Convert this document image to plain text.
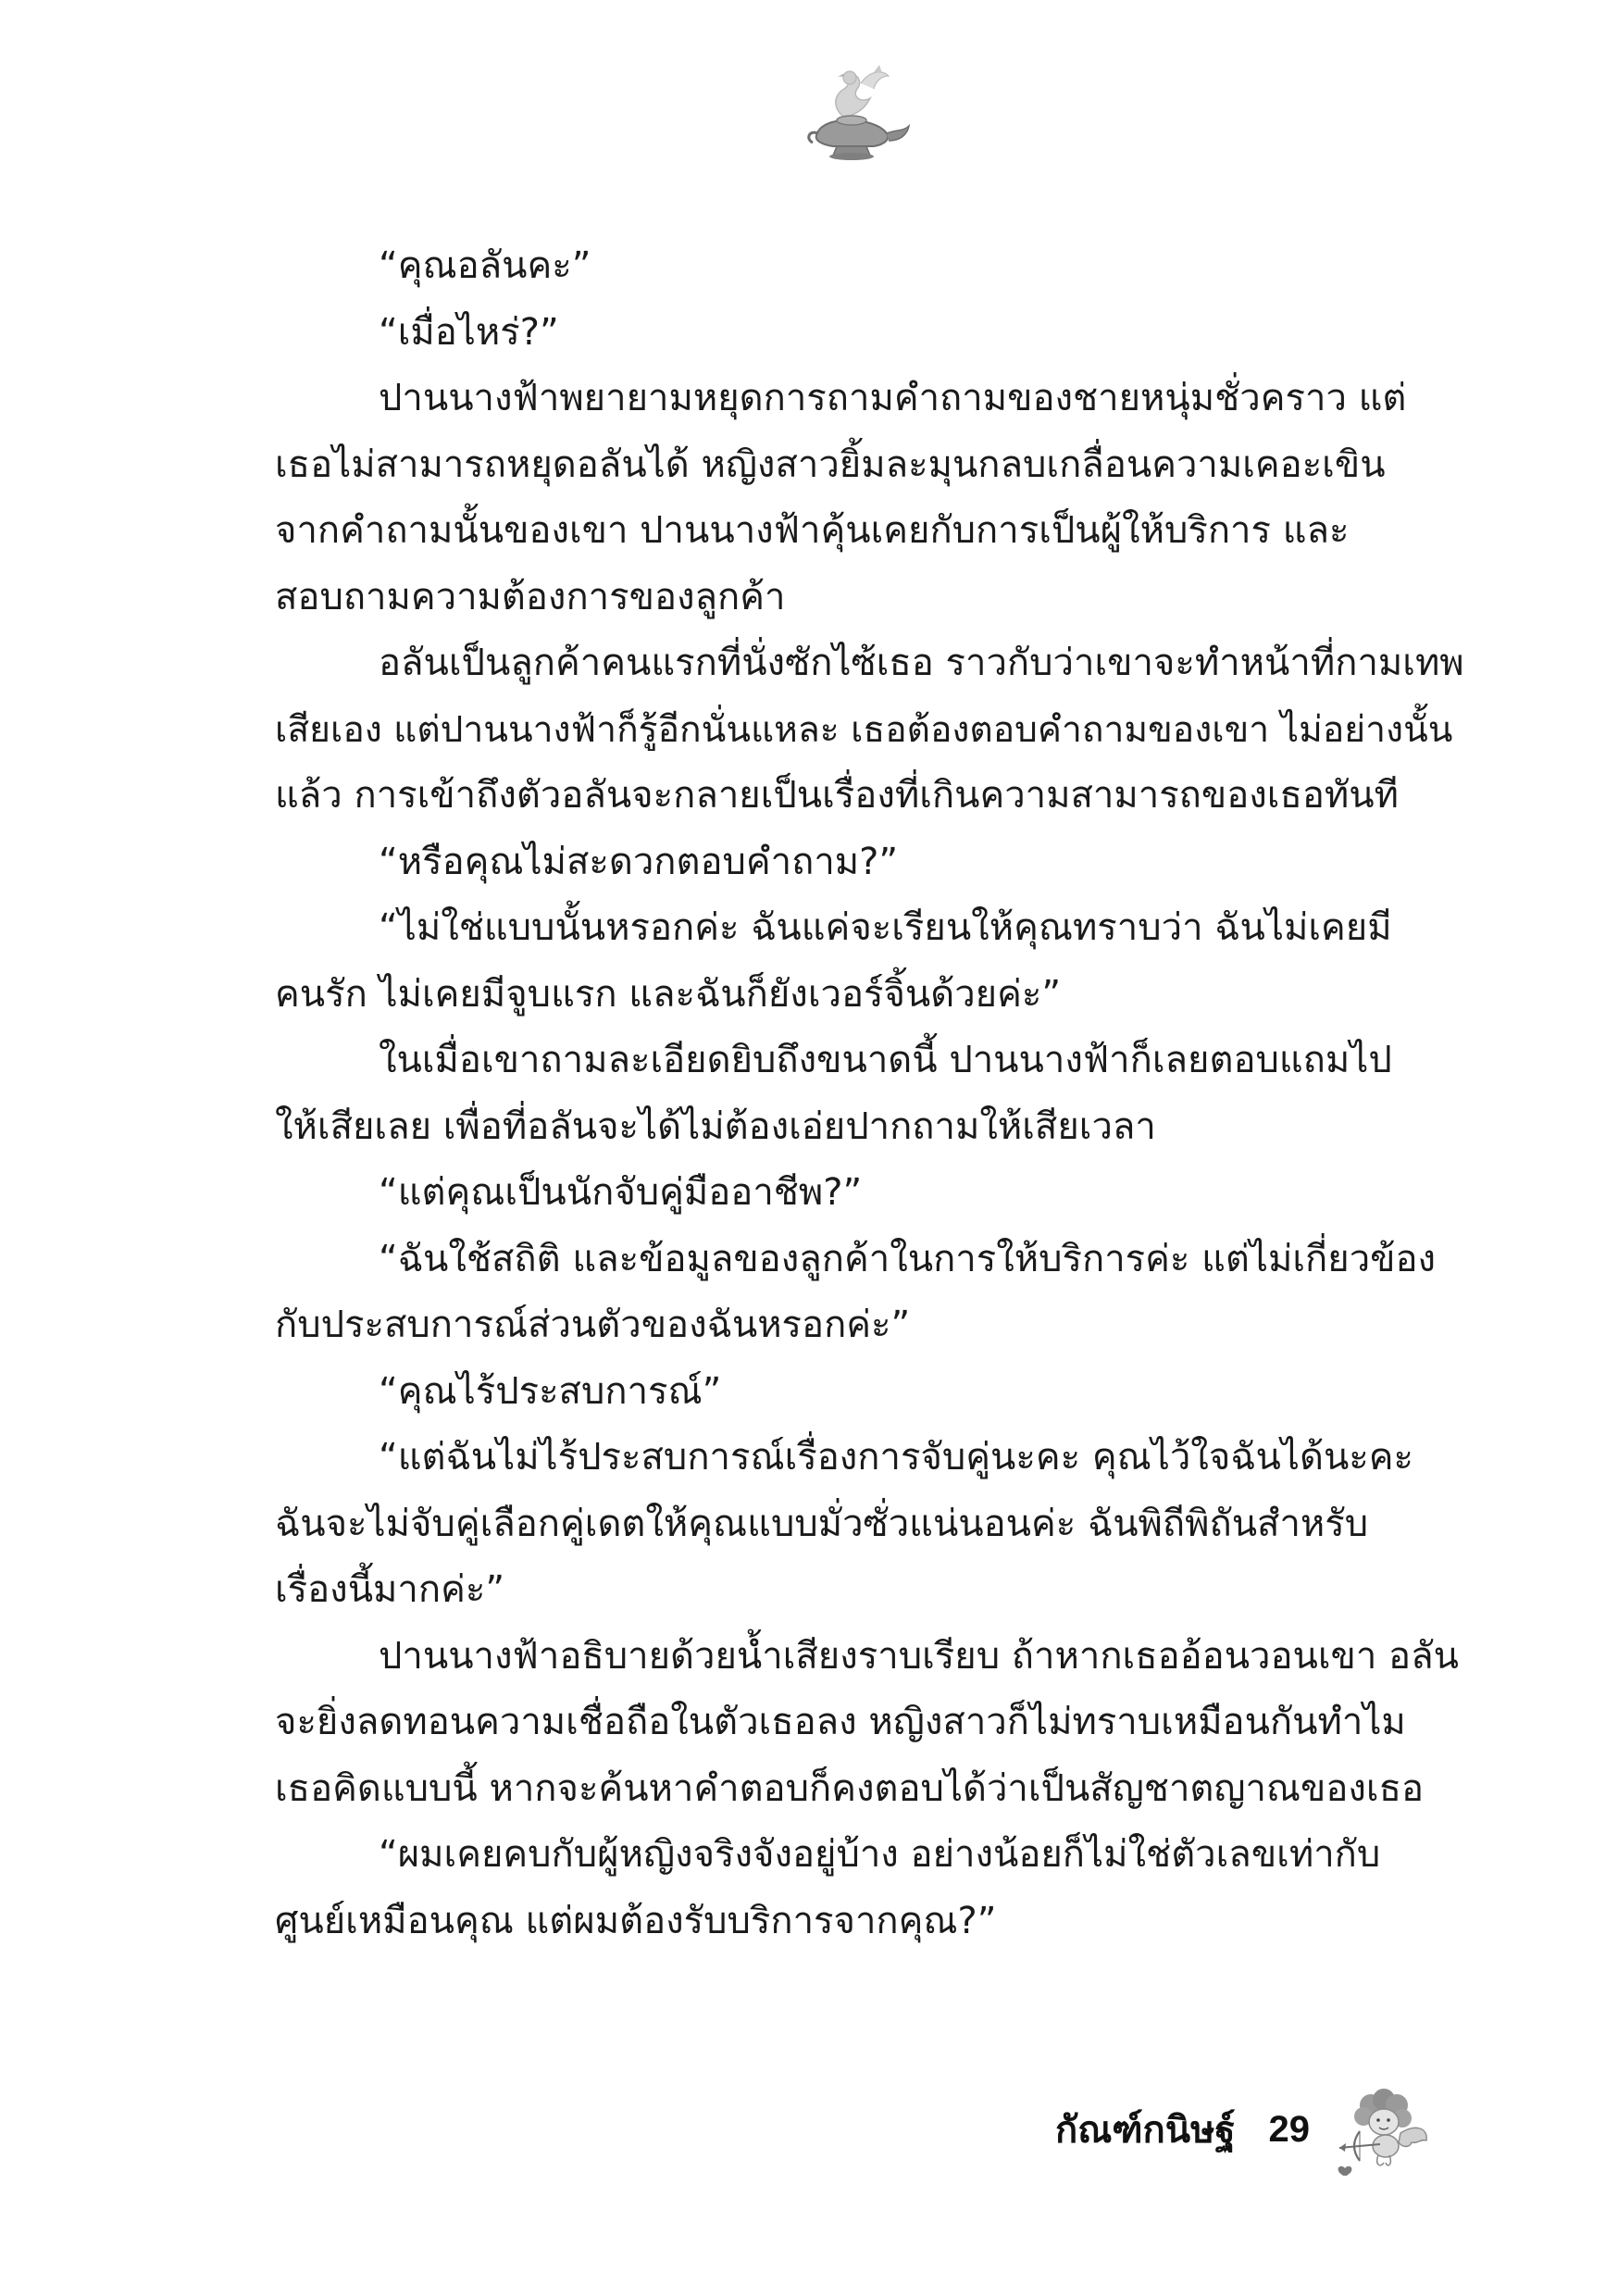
“คุณอลันคะ”
“เมื่อไหร่?”
ปานนางฟ้าพยายามหยุดการถามคำถามของชายหนุ่มชั่วคราว แต่
เธอไม่สามารถหยุดอลันได้ หญิงสาวยิ้มละมุนกลบเกลื่อนความเคอะเขิน
จากคำถามนั้นของเขา ปานนางฟ้าคุ้นเคยกับการเป็นผู้ให้บริการ และ
สอบถามความต้องการของลูกค้า
อลันเป็นลูกค้าคนแรกที่นั่งซักไซ้เธอ ราวกับว่าเขาจะทำหน้าที่กามเทพ
เสียเอง แต่ปานนางฟ้าก็รู้อีกนั่นแหละ เธอต้องตอบคำถามของเขา ไม่อย่างนั้น
แล้ว การเข้าถึงตัวอลันจะกลายเป็นเรื่องที่เกินความสามารถของเธอทันที
“หรือคุณไม่สะดวกตอบคำถาม?”
“ไม่ใช่แบบนั้นหรอกค่ะ ฉันแค่จะเรียนให้คุณทราบว่า ฉันไม่เคยมี
คนรัก ไม่เคยมีจูบแรก และฉันก็ยังเวอร์จิ้นด้วยค่ะ”
ในเมื่อเขาถามละเอียดยิบถึงขนาดนี้ ปานนางฟ้าก็เลยตอบแถมไป
ให้เสียเลย เพื่อที่อลันจะได้ไม่ต้องเอ่ยปากถามให้เสียเวลา
“แต่คุณเป็นนักจับคู่มืออาชีพ?”
“ฉันใช้สถิติ และข้อมูลของลูกค้าในการให้บริการค่ะ แต่ไม่เกี่ยวข้อง
กับประสบการณ์ส่วนตัวของฉันหรอกค่ะ”
“คุณไร้ประสบการณ์”
“แต่ฉันไม่ไร้ประสบการณ์เรื่องการจับคู่นะคะ คุณไว้ใจฉันได้นะคะ
ฉันจะไม่จับคู่เลือกคู่เดตให้คุณแบบมั่วซั่วแน่นอนค่ะ ฉันพิถีพิถันสำหรับ
เรื่องนี้มากค่ะ”
ปานนางฟ้าอธิบายด้วยน้ำเสียงราบเรียบ ถ้าหากเธออ้อนวอนเขา อลัน
จะยิ่งลดทอนความเชื่อถือในตัวเธอลง หญิงสาวก็ไม่ทราบเหมือนกันทำไม
เธอคิดแบบนี้ หากจะค้นหาคำตอบก็คงตอบได้ว่าเป็นสัญชาตญาณของเธอ
“ผมเคยคบกับผู้หญิงจริงจังอยู่บ้าง อย่างน้อยก็ไม่ใช่ตัวเลขเท่ากับ
ศูนย์เหมือนคุณ แต่ผมต้องรับบริการจากคุณ?”
กัณฑ์กนิษฐ์ 29
